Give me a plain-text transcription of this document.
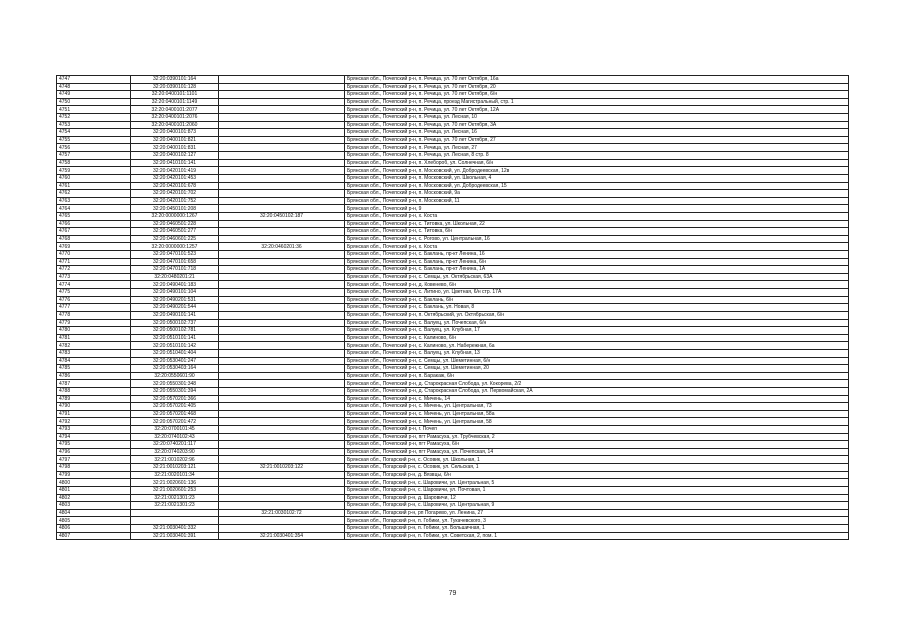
4747	32:20:0390101:164		Брянская обл., Почепский р-н, п. Речица, ул. 70 лет Октября, 16а
4748	32:20:0390101:128		Брянская обл., Почепский р-н, п. Речица, ул. 70 лет Октября, 20
4749	32:20:0400101:1101		Брянская обл., Почепский р-н, п. Речица, ул. 70 лет Октября, 6/н
4750	32:20:0400101:1149		Брянская обл., Почепский р-н, п. Речица, проезд Магистральный, стр. 1
4751	32:20:0400101:2077		Брянская обл., Почепский р-н, п. Речица, ул. 70 лет Октября, 12А
4752	32:20:0400101:2076		Брянская обл., Почепский р-н, п. Речица, ул. Лесная, 10
4753	32:20:0400101:2060		Брянская обл., Почепский р-н, п. Речица, ул. 70 лет Октября, 3А
4754	32:20:0400101:873		Брянская обл., Почепский р-н, п. Речица, ул. Лесная, 16
4755	32:20:0400101:821		Брянская обл., Почепский р-н, п. Речица, ул. 70 лет Октября, 27
4756	32:20:0400101:831		Брянская обл., Почепский р-н, п. Речица, ул. Лесная, 27
4757	32:20:0400102:127		Брянская обл., Почепский р-н, п. Речица, ул. Лесная, 8 стр. 8
4758	32:20:0410101:141		Брянская обл., Почепский р-н, п. Хлебороб, ул. Солнечная, 6/н
4759	32:20:0420101:419		Брянская обл., Почепский р-н, п. Московский, ул. Добродеевская, 12в
4760	32:20:0420101:453		Брянская обл., Почепский р-н, п. Московский, ул. Школьная, 4
4761	32:20:0420101:678		Брянская обл., Почепский р-н, п. Московский, ул. Добродеевская, 15
4762	32:20:0420101:702		Брянская обл., Почепский р-н, п. Московский, 9а
4763	32:20:0420101:752		Брянская обл., Почепский р-н, п. Московский, 11
4764	32:20:0450101:208		Брянская обл., Почепский р-н, 9
4765	32:20:0000000:1267	32:20:0450102:187	Брянская обл., Почепский р-н, х. Коста
4766	32:20:0460501:228		Брянская обл., Почепский р-н, с. Титовка, ул. Школьная, 22
4767	32:20:0460501:277		Брянская обл., Почепский р-н, с. Титовка, 6/н
4768	32:20:0460601:225		Брянская обл., Почепский р-н, с. Рогово, ул. Центральная, 16
4769	32:20:0000000:1257	32:20:0460201:36	Брянская обл., Почепский р-н, х. Коста
4770	32:20:0470101:523		Брянская обл., Почепский р-н, с. Баклань, пр-кт Ленина, 16
4771	32:20:0470101:658		Брянская обл., Почепский р-н, с. Баклань, пр-кт Ленина, 6/н
4772	32:20:0470101:718		Брянская обл., Почепский р-н, с. Баклань, пр-кт Ленина, 1А
4773	32:20:0480201:21		Брянская обл., Почепский р-н, с. Семцы, ул. Октябрьская, 63А
4774	32:20:0490401:183		Брянская обл., Почепский р-н, д. Ковенево, 6/н
4775	32:20:0490101:104		Брянская обл., Почепский р-н, с. Литино, ул. Цветная, 6/н стр. 17А
4776	32:20:0490201:531		Брянская обл., Почепский р-н, с. Баклань, 6/н
4777	32:20:0490201:544		Брянская обл., Почепский р-н, с. Баклань, ул. Новая, 8
4778	32:20:0490101:141		Брянская обл., Почепский р-н, п. Октябрьский, ул. Октябрьская, 6/н
4779	32:20:0500102:737		Брянская обл., Почепский р-н, с. Валуец, ул. Почепская, 6/н
4780	32:20:0500102:781		Брянская обл., Почепский р-н, с. Валуец, ул. Клубная, 17
4781	32:20:0510101:141		Брянская обл., Почепский р-н, с. Калиново, 6/н
4782	32:20:0510101:142		Брянская обл., Почепский р-н, с. Калиново, ул. Набережная, 6а
4783	32:20:0510401:404		Брянская обл., Почепский р-н, с. Валуец, ул. Клубная, 13
4784	32:20:0530401:247		Брянская обл., Почепский р-н, с. Семцы, ул. Шеметинная, 6/н
4785	32:20:0530403:164		Брянская обл., Почепский р-н, с. Семцы, ул. Шеметинная, 20
4786	32:20:0550601:90		Брянская обл., Почепский р-н, п. Баракаж, 6/н
4787	32:20:0550301:348		Брянская обл., Почепский р-н, д. Старокрасная Слобода, ул. Кокорева, 2/2
4788	32:20:0550301:394		Брянская обл., Почепский р-н, д. Старокрасная Слобода, ул. Первомайская, 2А
4789	32:20:0570201:366		Брянская обл., Почепский р-н, с. Мичень, 14
4790	32:20:0570201:405		Брянская обл., Почепский р-н, с. Мичень, ул. Центральная, 73
4791	32:20:0570201:468		Брянская обл., Почепский р-н, с. Мичень, ул. Центральная, 58а
4792	32:20:0570201:472		Брянская обл., Почепский р-н, с. Мичень, ул. Центральная, 58
4793	32:20:0700101:45		Брянская обл., Почепский р-н, г. Почеп
4794	32:20:0740102:43		Брянская обл., Почепский р-н, пгт Рамасуха, ул. Трубчевская, 2
4795	32:20:0740201:117		Брянская обл., Почепский р-н, пгт Рамасуха, 6/н
4796	32:20:0740203:90		Брянская обл., Почепский р-н, пгт Рамасуха, ул. Почепская, 14
4797	32:21:0010202:96		Брянская обл., Погарский р-н, с. Осовик, ул. Школьная, 1
4798	32:21:0010203:121	32:21:0010203:122	Брянская обл., Погарский р-н, с. Осовик, ул. Сельская, 1
4799	32:21:0020101:34		Брянская обл., Погарский р-н, д. Вязвцы, 6/н
4800	32:21:0020601:136		Брянская обл., Погарский р-н, с. Шаровичи, ул. Центральная, 5
4801	32:21:0020601:253		Брянская обл., Погарский р-н, с. Шаровичи, ул. Почтовая, 1
4802	32:21:0021301:23		Брянская обл., Погарский р-н, д. Шаровичи, 12
4803	32:21:0021301:23		Брянская обл., Погарский р-н, с. Шаровичи, ул. Центральная, 9
4804		32:21:0030102:72	Брянская обл., Погарский р-н, рп Погарево, ул. Ленина, 27
4805			Брянская обл., Погарский р-н, п. Гобики, ул. Тукачевского, 3
4806	32:21:0030401:332		Брянская обл., Погарский р-н, п. Гобики, ул. Большичная, 1
4807	32:21:0030401:391	32:21:0030401:354	Брянская обл., Погарский р-н, п. Гобики, ул. Советская, 2, пом. 1
79
